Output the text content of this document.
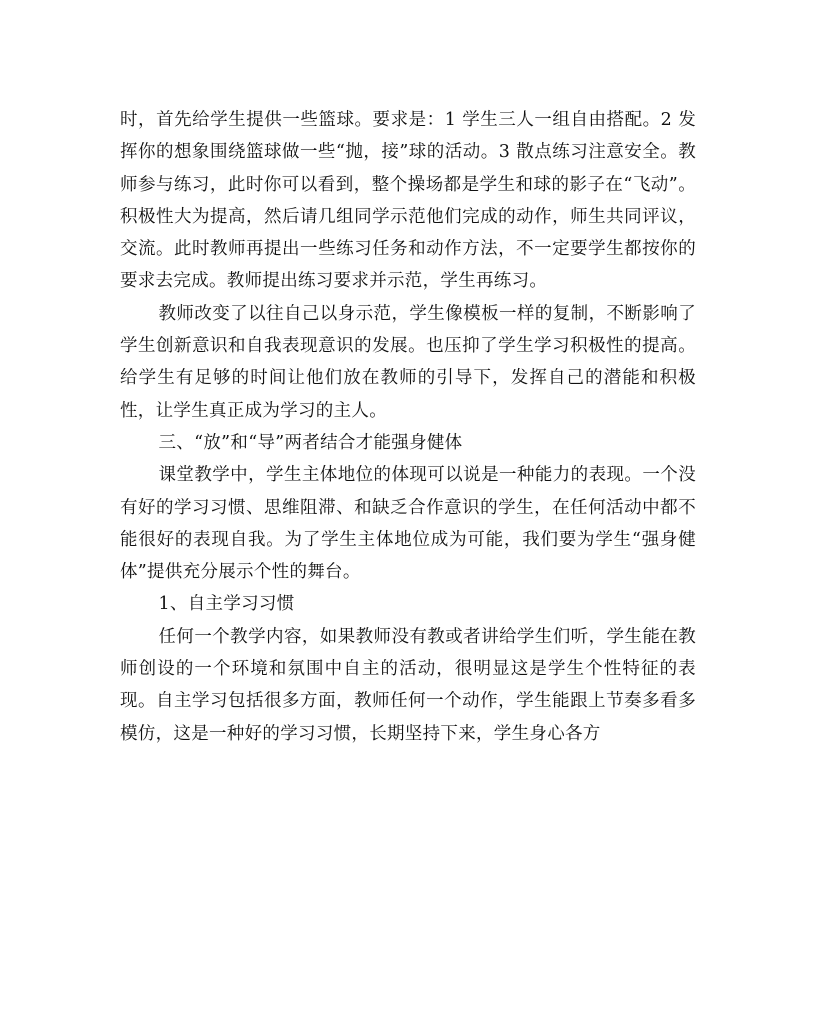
时，首先给学生提供一些篮球。要求是：1 学生三人一组自由搭配。2 发挥你的想象围绕篮球做一些“抛，接”球的活动。3 散点练习注意安全。教师参与练习，此时你可以看到，整个操场都是学生和球的影子在“飞动”。积极性大为提高，然后请几组同学示范他们完成的动作，师生共同评议，交流。此时教师再提出一些练习任务和动作方法，不一定要学生都按你的要求去完成。教师提出练习要求并示范，学生再练习。

教师改变了以往自己以身示范，学生像模板一样的复制，不断影响了学生创新意识和自我表现意识的发展。也压抑了学生学习积极性的提高。给学生有足够的时间让他们放在教师的引导下，发挥自己的潜能和积极性，让学生真正成为学习的主人。

三、“放”和“导”两者结合才能强身健体

课堂教学中，学生主体地位的体现可以说是一种能力的表现。一个没有好的学习习惯、思维阻滞、和缺乏合作意识的学生，在任何活动中都不能很好的表现自我。为了学生主体地位成为可能，我们要为学生“强身健体”提供充分展示个性的舞台。

1、自主学习习惯

任何一个教学内容，如果教师没有教或者讲给学生们听，学生能在教师创设的一个环境和氛围中自主的活动，很明显这是学生个性特征的表现。自主学习包括很多方面，教师任何一个动作，学生能跟上节奏多看多模仿，这是一种好的学习习惯，长期坚持下来，学生身心各方
